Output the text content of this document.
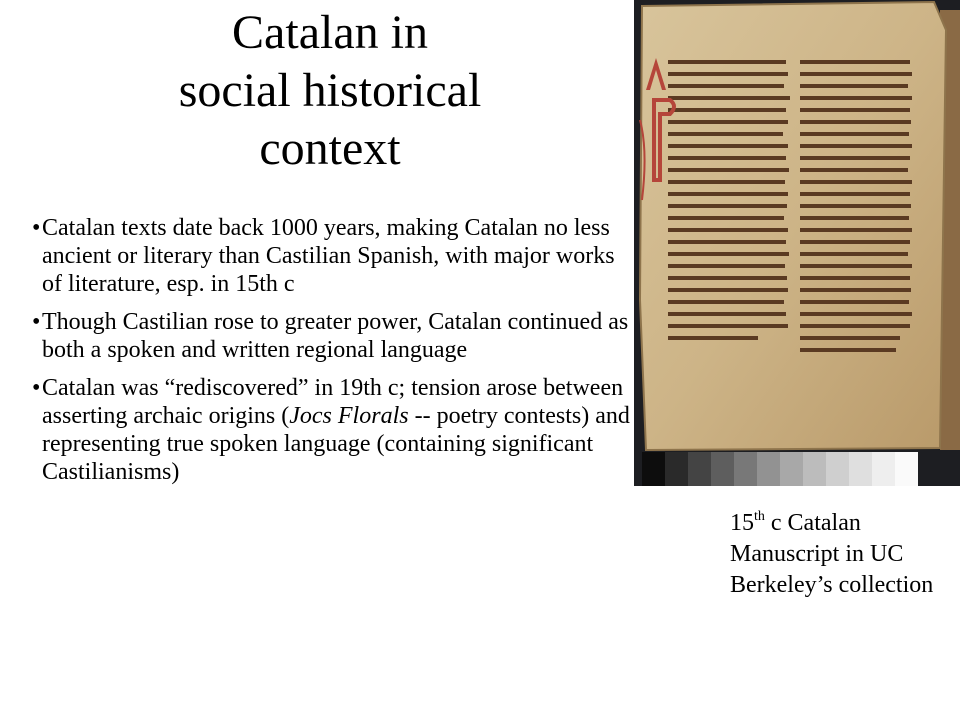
Catalan in
social historical
context
• Catalan texts date back 1000 years, making Catalan no less ancient or literary than Castilian Spanish, with major works of literature, esp. in 15th c
• Though Castilian rose to greater power, Catalan continued as both a spoken and written regional language
• Catalan was “rediscovered” in 19th c; tension arose between asserting archaic origins (Jocs Florals -- poetry contests) and representing true spoken language (containing significant Castilianisms)
15th c Catalan Manuscript in UC Berkeley’s collection
